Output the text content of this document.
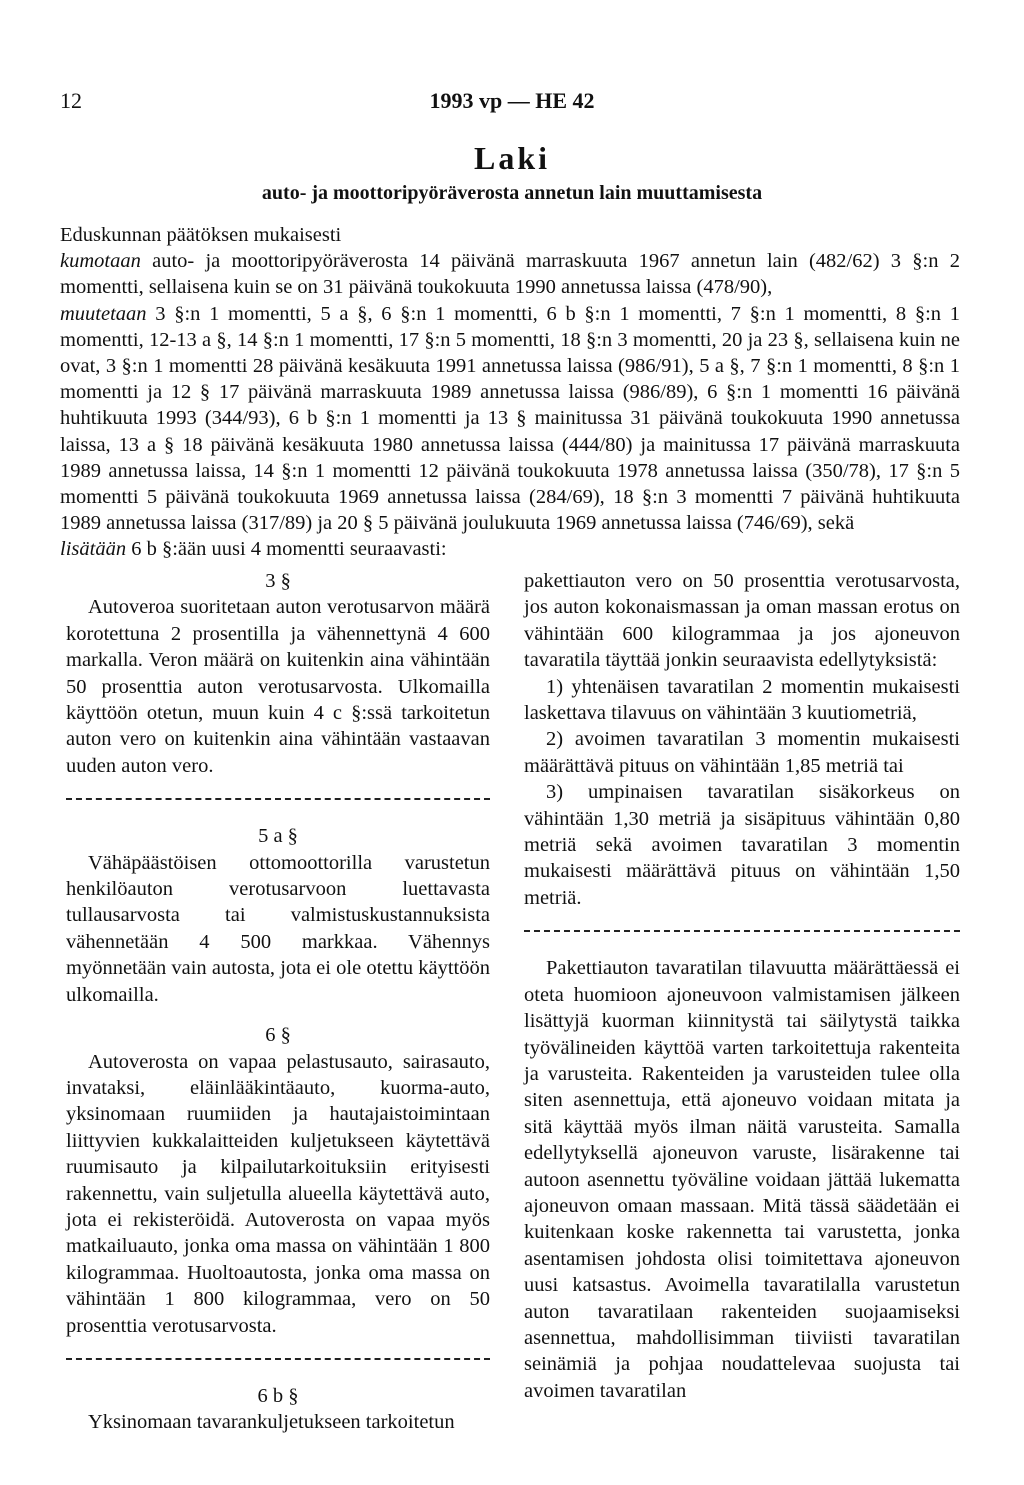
12	1993 vp — HE 42
Laki
auto- ja moottoripyöräverosta annetun lain muuttamisesta

Eduskunnan päätöksen mukaisesti

kumotaan auto- ja moottoripyöräverosta 14 päivänä marraskuuta 1967 annetun lain (482/62) 3 §:n 2 momentti, sellaisena kuin se on 31 päivänä toukokuuta 1990 annetussa laissa (478/90),

muutetaan 3 §:n 1 momentti, 5 a §, 6 §:n 1 momentti, 6 b §:n 1 momentti, 7 §:n 1 momentti, 8 §:n 1 momentti, 12-13 a §, 14 §:n 1 momentti, 17 §:n 5 momentti, 18 §:n 3 momentti, 20 ja 23 §, sellaisena kuin ne ovat, 3 §:n 1 momentti 28 päivänä kesäkuuta 1991 annetussa laissa (986/91), 5 a §, 7 §:n 1 momentti, 8 §:n 1 momentti ja 12 § 17 päivänä marraskuuta 1989 annetussa laissa (986/89), 6 §:n 1 momentti 16 päivänä huhtikuuta 1993 (344/93), 6 b §:n 1 momentti ja 13 § mainitussa 31 päivänä toukokuuta 1990 annetussa laissa, 13 a § 18 päivänä kesäkuuta 1980 annetussa laissa (444/80) ja mainitussa 17 päivänä marraskuuta 1989 annetussa laissa, 14 §:n 1 momentti 12 päivänä toukokuuta 1978 annetussa laissa (350/78), 17 §:n 5 momentti 5 päivänä toukokuuta 1969 annetussa laissa (284/69), 18 §:n 3 momentti 7 päivänä huhtikuuta 1989 annetussa laissa (317/89) ja 20 § 5 päivänä joulukuuta 1969 annetussa laissa (746/69), sekä

lisätään 6 b §:ään uusi 4 momentti seuraavasti:

3 §

Autoveroa suoritetaan auton verotusarvon määrä korotettuna 2 prosentilla ja vähennettynä 4 600 markalla. Veron määrä on kuitenkin aina vähintään 50 prosenttia auton verotusarvosta. Ulkomailla käyttöön otetun, muun kuin 4 c §:ssä tarkoitetun auton vero on kuitenkin aina vähintään vastaavan uuden auton vero.

5 a §

Vähäpäästöisen ottomoottorilla varustetun henkilöauton verotusarvoon luettavasta tullausarvosta tai valmistuskustannuksista vähennetään 4 500 markkaa. Vähennys myönnetään vain autosta, jota ei ole otettu käyttöön ulkomailla.

6 §

Autoverosta on vapaa pelastusauto, sairasauto, invataksi, eläinlääkintäauto, kuorma-auto, yksinomaan ruumiiden ja hautajaistoimintaan liittyvien kukkalaitteiden kuljetukseen käytettävä ruumisauto ja kilpailutarkoituksiin erityisesti rakennettu, vain suljetulla alueella käytettävä auto, jota ei rekisteröidä. Autoverosta on vapaa myös matkailuauto, jonka oma massa on vähintään 1 800 kilogrammaa. Huoltoautosta, jonka oma massa on vähintään 1 800 kilogrammaa, vero on 50 prosenttia verotusarvosta.

6 b §

Yksinomaan tavarankuljetukseen tarkoitetun

pakettiauton vero on 50 prosenttia verotusarvosta, jos auton kokonaismassan ja oman massan erotus on vähintään 600 kilogrammaa ja jos ajoneuvon tavaratila täyttää jonkin seuraavista edellytyksistä:

1) yhtenäisen tavaratilan 2 momentin mukaisesti laskettava tilavuus on vähintään 3 kuutiometriä,

2) avoimen tavaratilan 3 momentin mukaisesti määrättävä pituus on vähintään 1,85 metriä tai

3) umpinaisen tavaratilan sisäkorkeus on vähintään 1,30 metriä ja sisäpituus vähintään 0,80 metriä sekä avoimen tavaratilan 3 momentin mukaisesti määrättävä pituus on vähintään 1,50 metriä.

Pakettiauton tavaratilan tilavuutta määrättäessä ei oteta huomioon ajoneuvoon valmistamisen jälkeen lisättyjä kuorman kiinnitystä tai säilytystä taikka työvälineiden käyttöä varten tarkoitettuja rakenteita ja varusteita. Rakenteiden ja varusteiden tulee olla siten asennettuja, että ajoneuvo voidaan mitata ja sitä käyttää myös ilman näitä varusteita. Samalla edellytyksellä ajoneuvon varuste, lisärakenne tai autoon asennettu työväline voidaan jättää lukematta ajoneuvon omaan massaan. Mitä tässä säädetään ei kuitenkaan koske rakennetta tai varustetta, jonka asentamisen johdosta olisi toimitettava ajoneuvon uusi katsastus. Avoimella tavaratilalla varustetun auton tavaratilaan rakenteiden suojaamiseksi asennettua, mahdollisimman tiiviisti tavaratilan seinämiä ja pohjaa noudattelevaa suojusta tai avoimen tavaratilan
